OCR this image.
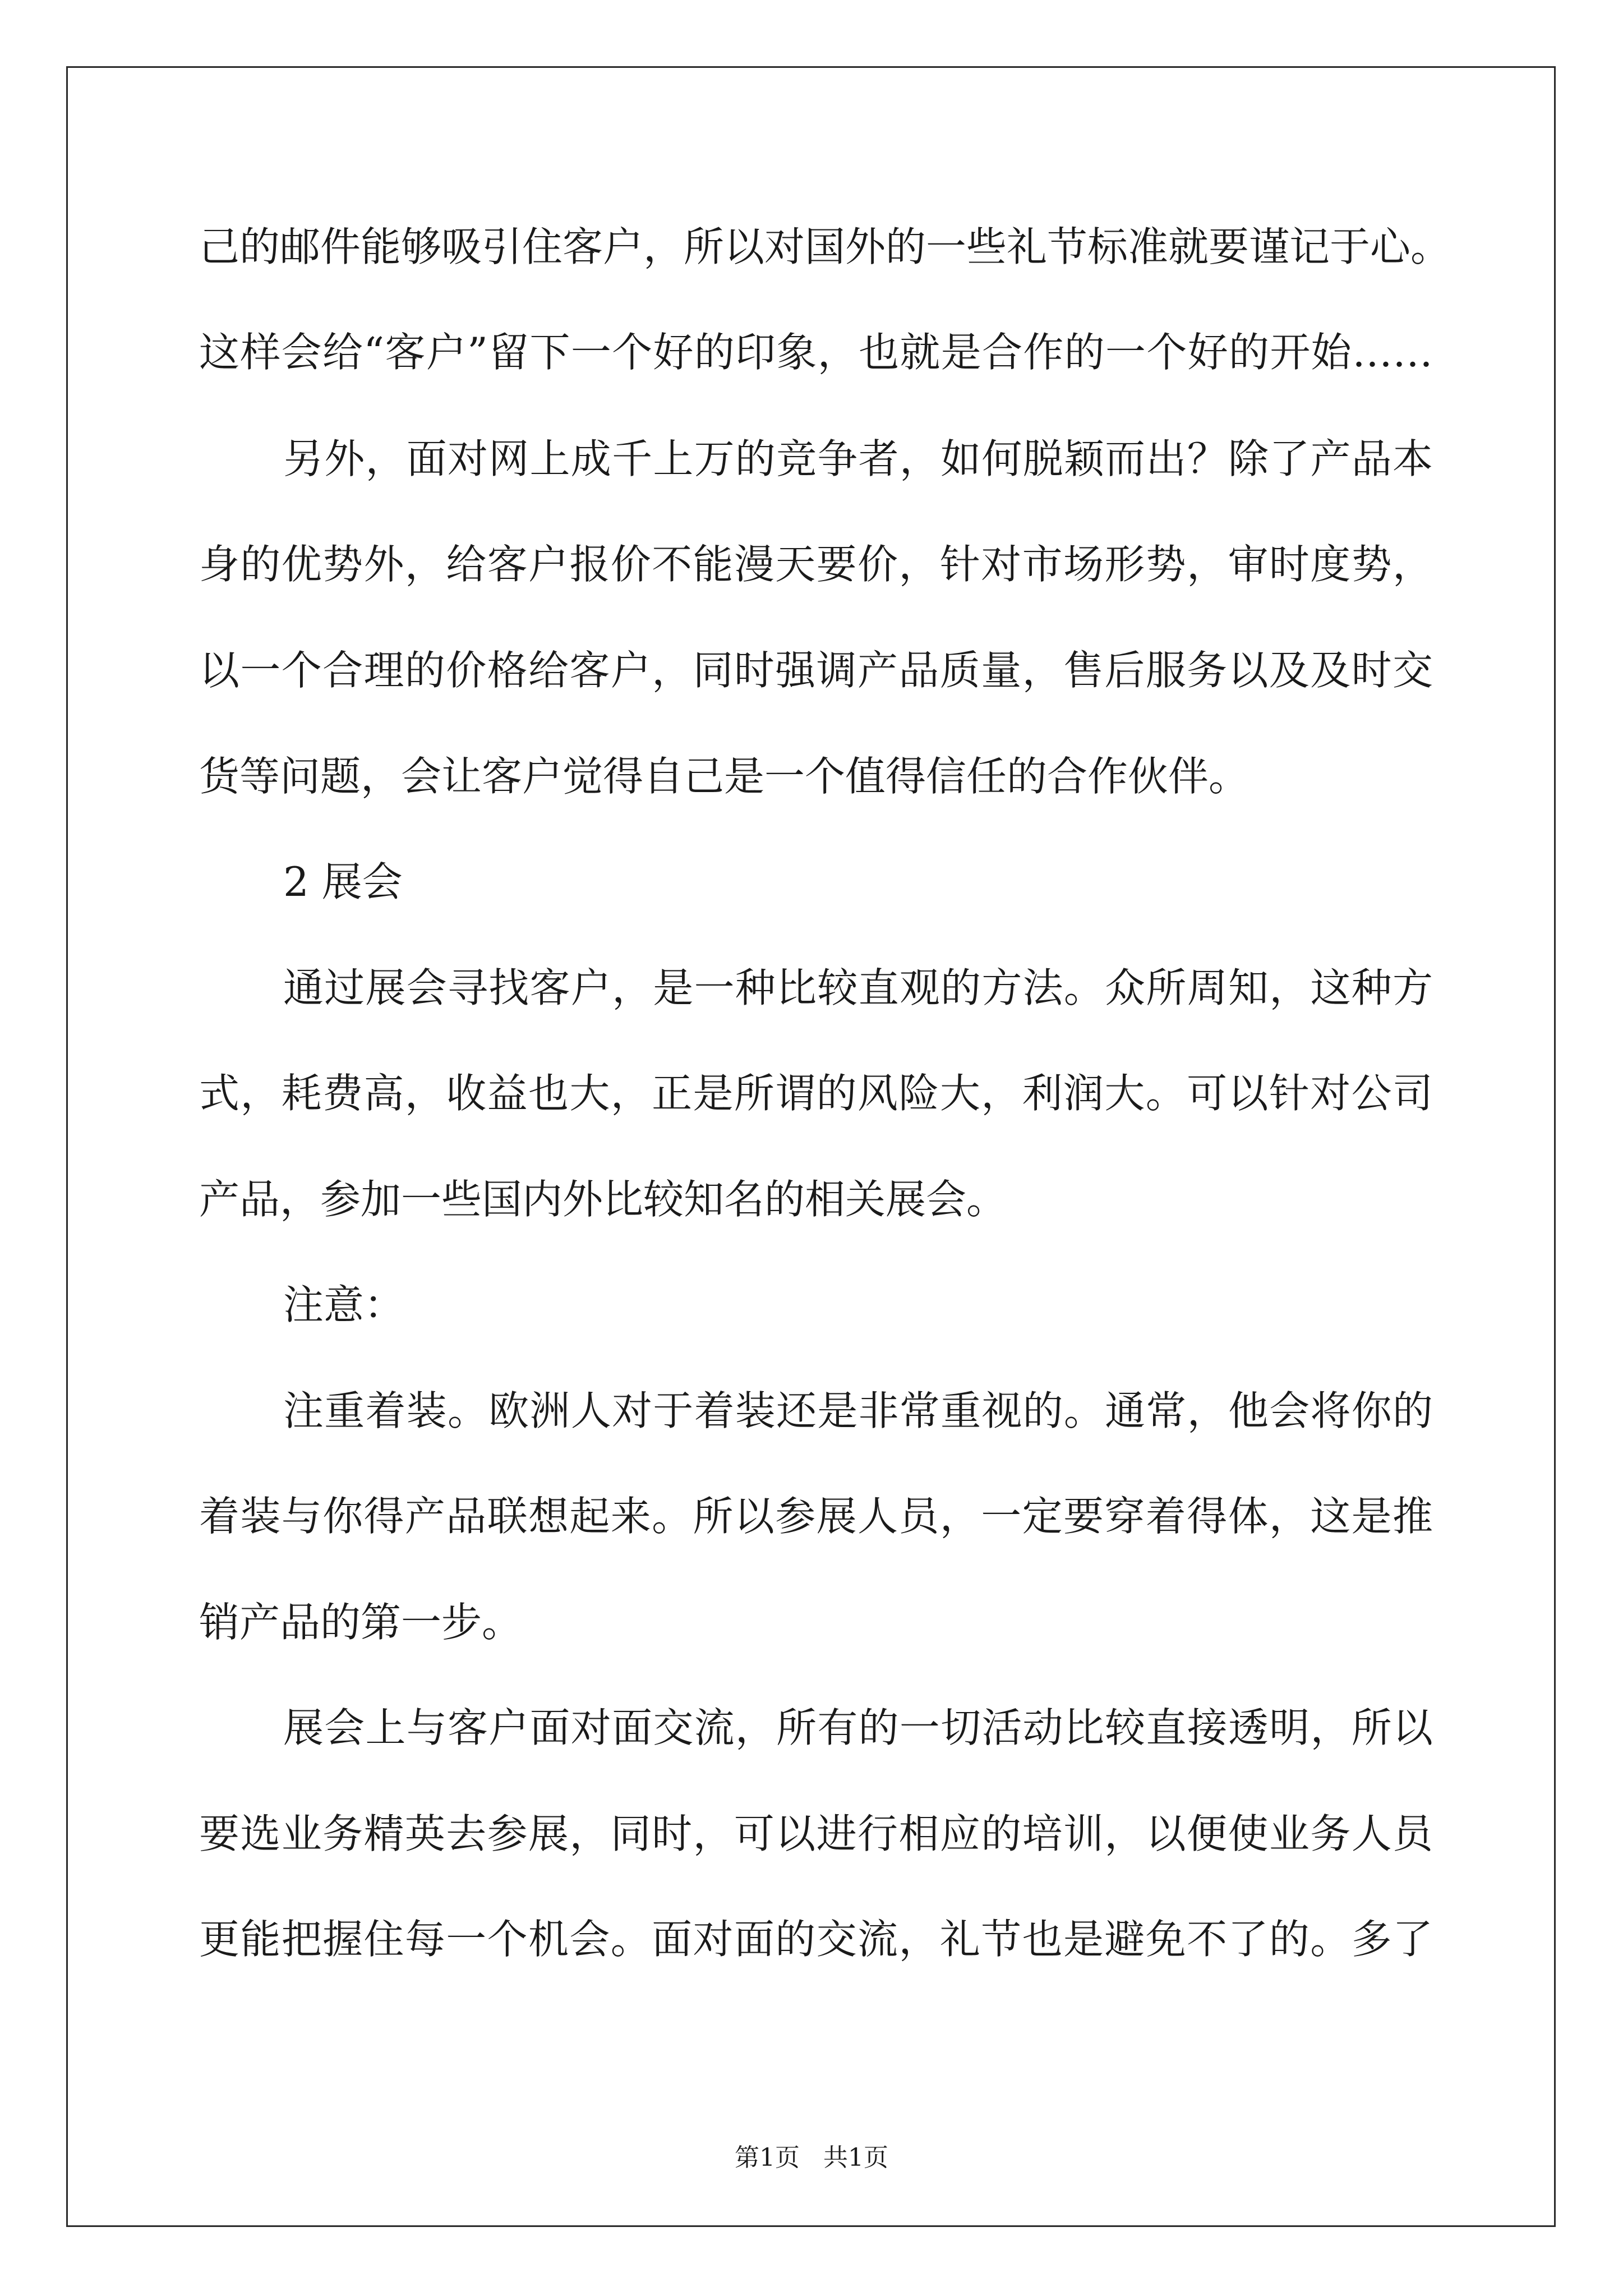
己的邮件能够吸引住客户，所以对国外的一些礼节标准就要谨记于心。
这样会给“客户”留下一个好的印象，也就是合作的一个好的开始……
另外，面对网上成千上万的竞争者，如何脱颖而出？除了产品本
身的优势外，给客户报价不能漫天要价，针对市场形势，审时度势，
以一个合理的价格给客户，同时强调产品质量，售后服务以及及时交
货等问题，会让客户觉得自己是一个值得信任的合作伙伴。
2 展会
通过展会寻找客户，是一种比较直观的方法。众所周知，这种方
式，耗费高，收益也大，正是所谓的风险大，利润大。可以针对公司
产品，参加一些国内外比较知名的相关展会。
注意：
注重着装。欧洲人对于着装还是非常重视的。通常，他会将你的
着装与你得产品联想起来。所以参展人员，一定要穿着得体，这是推
销产品的第一步。
展会上与客户面对面交流，所有的一切活动比较直接透明，所以
要选业务精英去参展，同时，可以进行相应的培训，以便使业务人员
更能把握住每一个机会。面对面的交流，礼节也是避免不了的。多了
第1页   共1页
